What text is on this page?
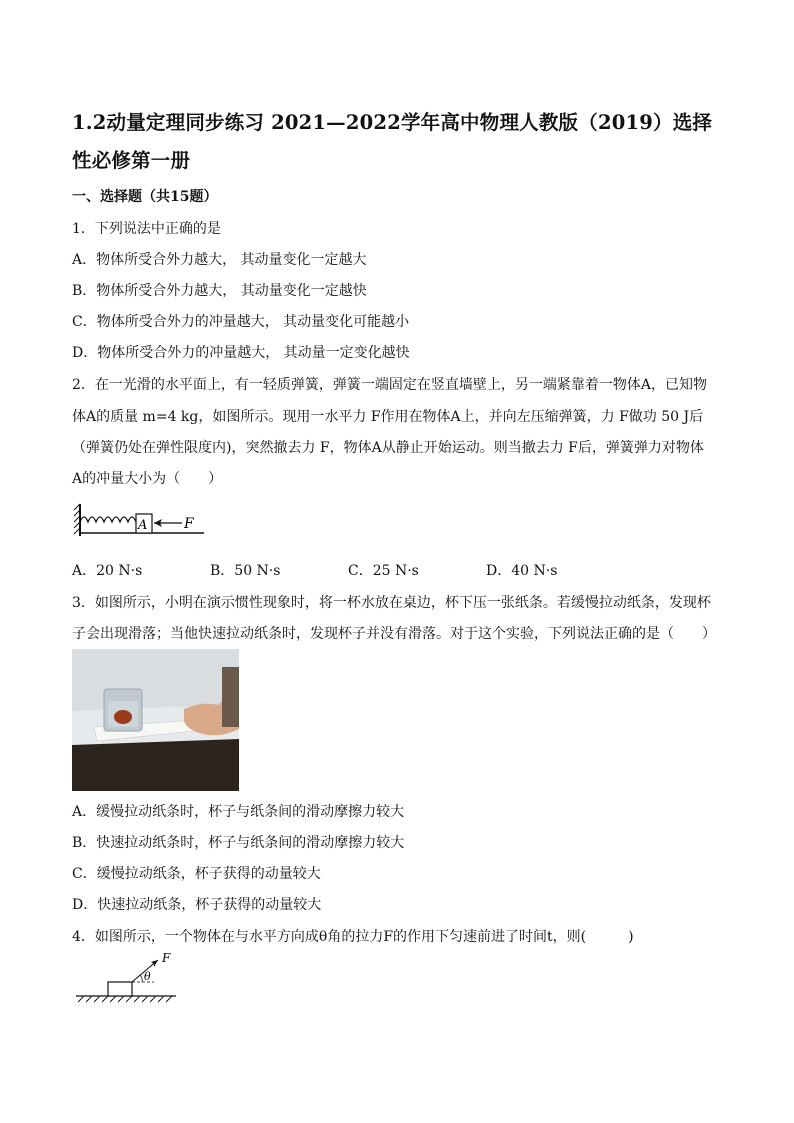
1.2动量定理同步练习 2021—2022学年高中物理人教版（2019）选择性必修第一册
一、选择题（共15题）
1．下列说法中正确的是
A．物体所受合外力越大， 其动量变化一定越大
B．物体所受合外力越大， 其动量变化一定越快
C．物体所受合外力的冲量越大， 其动量变化可能越小
D．物体所受合外力的冲量越大， 其动量一定变化越快
2．在一光滑的水平面上，有一轻质弹簧，弹簧一端固定在竖直墙壁上，另一端紧靠着一物体A，已知物
体A的质量 m=4 kg，如图所示。现用一水平力 F作用在物体A上，并向左压缩弹簧，力 F做功 50 J后
（弹簧仍处在弹性限度内)，突然撤去力 F，物体A从静止开始运动。则当撤去力 F后，弹簧弹力对物体
A的冲量大小为（　　）
A	F
A．20 N·s	B．50 N·s	C．25 N·s	D．40 N·s
3．如图所示，小明在演示惯性现象时，将一杯水放在桌边，杯下压一张纸条。若缓慢拉动纸条，发现杯
子会出现滑落；当他快速拉动纸条时，发现杯子并没有滑落。对于这个实验，下列说法正确的是（　　）
A．缓慢拉动纸条时，杯子与纸条间的滑动摩擦力较大
B．快速拉动纸条时，杯子与纸条间的滑动摩擦力较大
C．缓慢拉动纸条，杯子获得的动量较大
D．快速拉动纸条，杯子获得的动量较大
4．如图所示，一个物体在与水平方向成θ角的拉力F的作用下匀速前进了时间t，则(　　　)
F
θ
